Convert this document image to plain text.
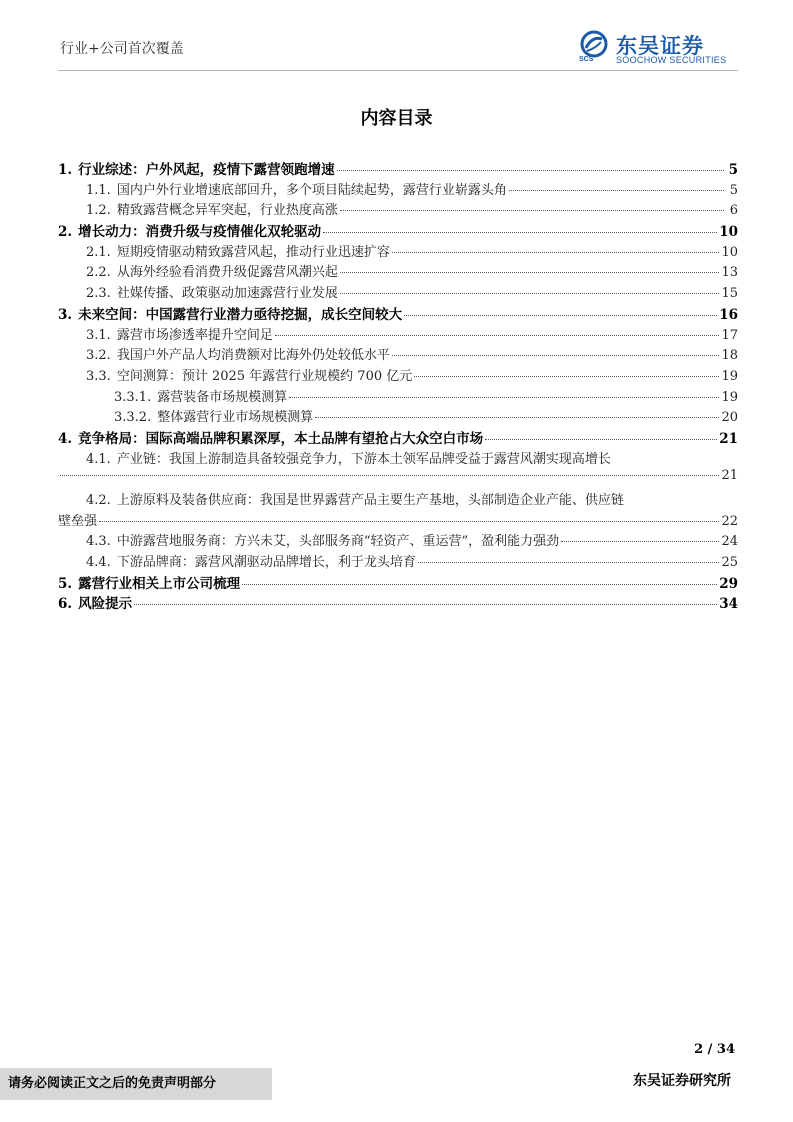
行业+公司首次覆盖
SCS
东吴证券
SOOCHOW SECURITIES
内容目录
1. 行业综述：户外风起，疫情下露营领跑增速	5
1.1. 国内户外行业增速底部回升，多个项目陆续起势，露营行业崭露头角	5
1.2. 精致露营概念异军突起，行业热度高涨	6
2. 增长动力：消费升级与疫情催化双轮驱动	10
2.1. 短期疫情驱动精致露营风起，推动行业迅速扩容	10
2.2. 从海外经验看消费升级促露营风潮兴起	13
2.3. 社媒传播、政策驱动加速露营行业发展	15
3. 未来空间：中国露营行业潜力亟待挖掘，成长空间较大	16
3.1. 露营市场渗透率提升空间足	17
3.2. 我国户外产品人均消费额对比海外仍处较低水平	18
3.3. 空间测算：预计 2025 年露营行业规模约 700 亿元	19
3.3.1. 露营装备市场规模测算	19
3.3.2. 整体露营行业市场规模测算	20
4. 竞争格局：国际高端品牌积累深厚，本土品牌有望抢占大众空白市场	21
4.1. 产业链：我国上游制造具备较强竞争力，下游本土领军品牌受益于露营风潮实现高增长
21
4.2. 上游原料及装备供应商：我国是世界露营产品主要生产基地，头部制造企业产能、供应链
壁垒强	22
4.3. 中游露营地服务商：方兴未艾，头部服务商“轻资产、重运营”，盈利能力强劲	24
4.4. 下游品牌商：露营风潮驱动品牌增长，利于龙头培育	25
5. 露营行业相关上市公司梳理	29
6. 风险提示	34
2 / 34
请务必阅读正文之后的免责声明部分	东吴证券研究所
